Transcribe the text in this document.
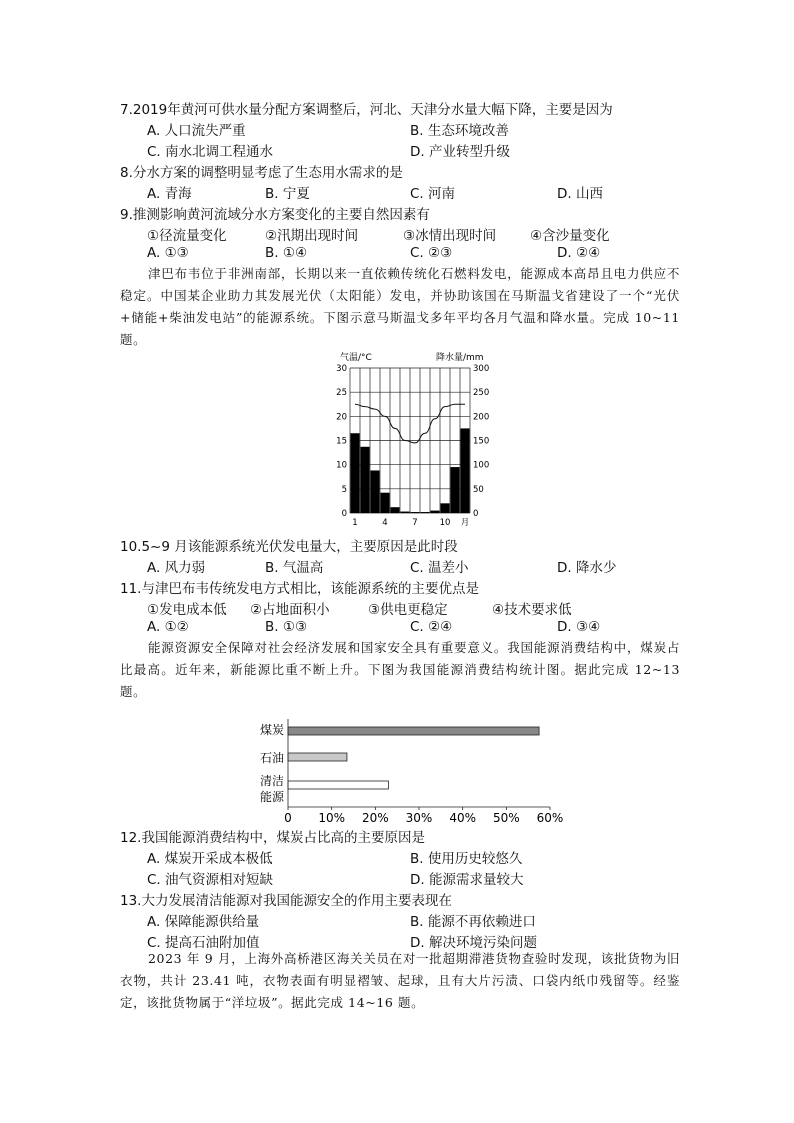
7.2019年黄河可供水量分配方案调整后，河北、天津分水量大幅下降，主要是因为
A. 人口流失严重	B. 生态环境改善
C. 南水北调工程通水	D. 产业转型升级
8.分水方案的调整明显考虑了生态用水需求的是
A. 青海	B. 宁夏	C. 河南	D. 山西
9.推测影响黄河流域分水方案变化的主要自然因素有
①径流量变化	②汛期出现时间	③冰情出现时间	④含沙量变化
A. ①③	B. ①④	C. ②③	D. ②④
津巴布韦位于非洲南部，长期以来一直依赖传统化石燃料发电，能源成本高昂且电力供应不稳定。中国某企业助力其发展光伏（太阳能）发电，并协助该国在马斯温戈省建设了一个“光伏+储能+柴油发电站”的能源系统。下图示意马斯温戈多年平均各月气温和降水量。完成 10~11 题。
气温/°C	降水量/mm
30
25
20
15
10
5
0
300
250
200
150
100
50
0
1	4	7	10 月
10.5~9 月该能源系统光伏发电量大，主要原因是此时段
A. 风力弱	B. 气温高	C. 温差小	D. 降水少
11.与津巴布韦传统发电方式相比，该能源系统的主要优点是
①发电成本低 ②占地面积小	③供电更稳定	④技术要求低
A. ①②	B. ①③	C. ②④	D. ③④
能源资源安全保障对社会经济发展和国家安全具有重要意义。我国能源消费结构中，煤炭占比最高。近年来，新能源比重不断上升。下图为我国能源消费结构统计图。据此完成 12~13 题。
煤炭
石油
清洁
能源
0 10% 20% 30% 40% 50% 60%
12.我国能源消费结构中，煤炭占比高的主要原因是
A. 煤炭开采成本极低	B. 使用历史较悠久
C. 油气资源相对短缺	D. 能源需求量较大
13.大力发展清洁能源对我国能源安全的作用主要表现在
A. 保障能源供给量	B. 能源不再依赖进口
C. 提高石油附加值	D. 解决环境污染问题
2023 年 9 月，上海外高桥港区海关关员在对一批超期滞港货物查验时发现，该批货物为旧衣物，共计 23.41 吨，衣物表面有明显褶皱、起球，且有大片污渍、口袋内纸巾残留等。经鉴定，该批货物属于“洋垃圾”。据此完成 14~16 题。
